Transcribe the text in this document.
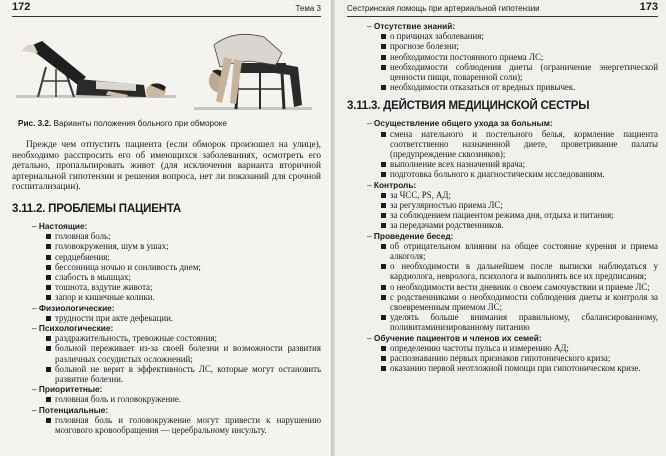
172	Тема 3
Рис. 3.2. Варианты положения больного при обмороке

Прежде чем отпустить пациента (если обморок произошел на улице), необходимо расспросить его об имеющихся заболеваниях, осмотреть его детально, пропальпировать живот (для исключения варианта вторичной артериальной гипотензии и решения вопроса, нет ли показаний для срочной госпитализации).

3.11.2. ПРОБЛЕМЫ ПАЦИЕНТА
– Настоящие:
головная боль;
головокружения, шум в ушах;
сердцебиения;
бессонница ночью и сонливость днем;
слабость в мышцах;
тошнота, вздутие живота;
запор и кишечные колики.
– Физиологические:
трудности при акте дефекации.
– Психологические:
раздражительность, тревожные состояния;
больной переживает из-за своей болезни и возможности развития различных сосудистых осложнений;
больной не верит в эффективность ЛС, которые могут остановить развитие болезни.
– Приоритетные:
головная боль и головокружение.
– Потенциальные:
головная боль и головокружение могут привести к нарушению мозгового кровообращения — церебральному инсульту.
Сестринская помощь при артериальной гипотензии	173
– Отсутствие знаний:
о причинах заболевания;
прогнозе болезни;
необходимости постоянного приема ЛС;
необходимости соблюдения диеты (ограничение энергетической ценности пищи, поваренной соли);
необходимости отказаться от вредных привычек.
3.11.3. ДЕЙСТВИЯ МЕДИЦИНСКОЙ СЕСТРЫ
– Осуществление общего ухода за больным:
смена нательного и постельного белья, кормление пациента соответственно назначенной диете, проветривание палаты (предупреждение сквозняков);
выполнение всех назначений врача;
подготовка больного к диагностическим исследованиям.
– Контроль:
за ЧСС, PS, АД;
за регулярностью приема ЛС;
за соблюдением пациентом режима дня, отдыха и питания;
за передачами родственников.
– Проведение бесед:
об отрицательном влиянии на общее состояние курения и приема алкоголя;
о необходимости в дальнейшем после выписки наблюдаться у кардиолога, невролога, психолога и выполнять все их предписания;
о необходимости вести дневник о своем самочувствии и приеме ЛС;
с родственниками о необходимости соблюдения диеты и контроля за своевременным приемом ЛС;
уделять больше внимания правильному, сбалансированному, поливитаминизированному питанию
– Обучение пациентов и членов их семей:
определению частоты пульса и измерению АД;
распознаванию первых признаков гипотонического криза;
оказанию первой неотложной помощи при гипотоническом кризе.
